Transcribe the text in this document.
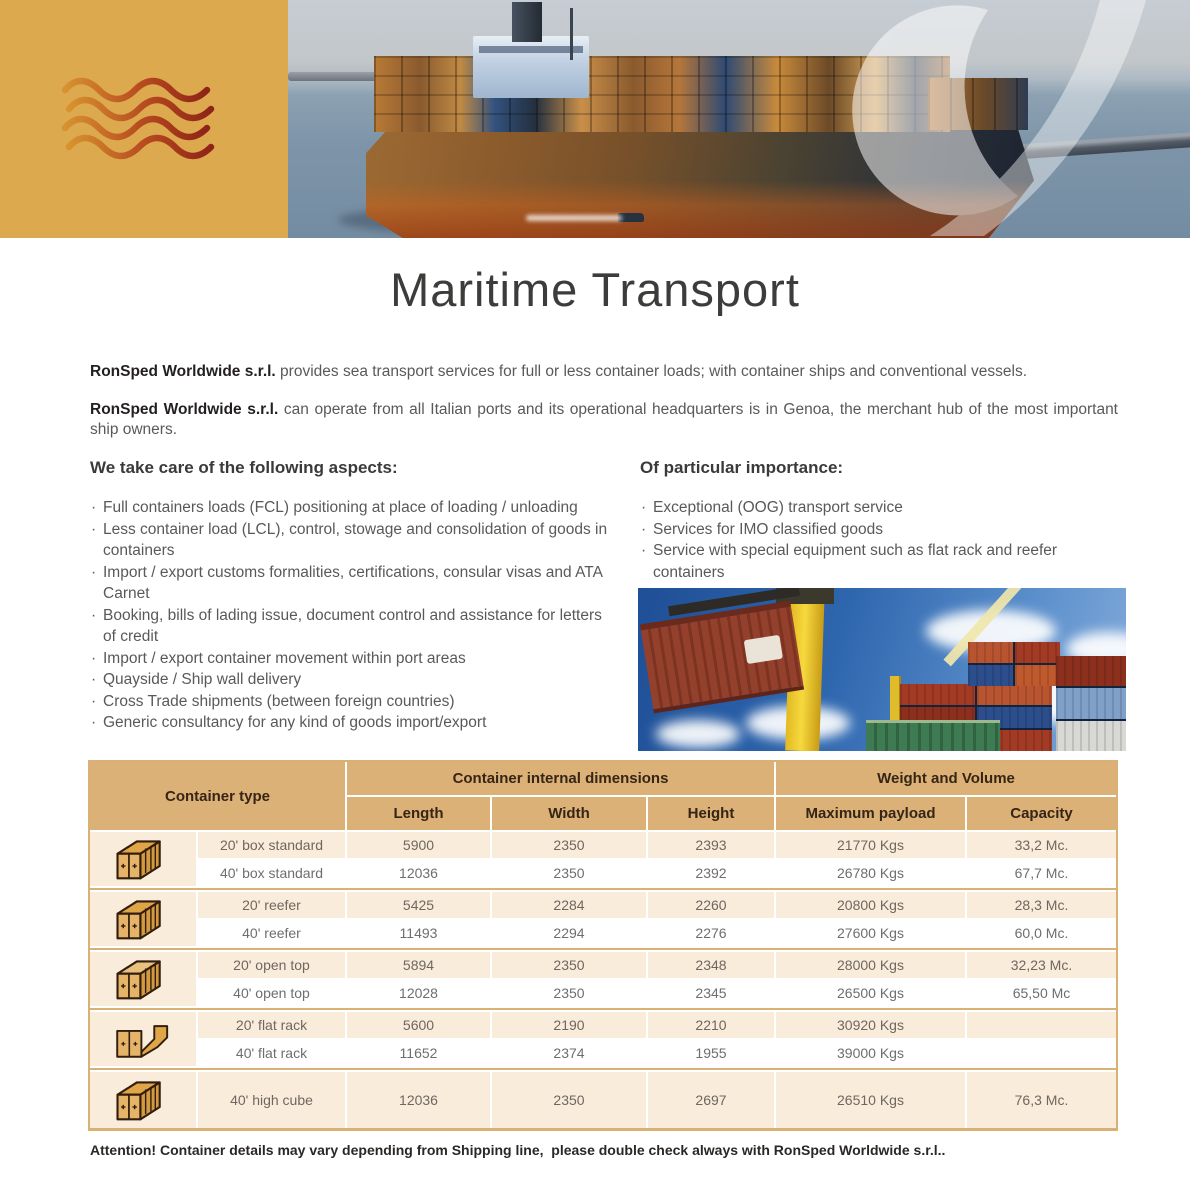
Maritime Transport

RonSped Worldwide s.r.l. provides sea transport services for full or less container loads; with container ships and conventional vessels.

RonSped Worldwide s.r.l. can operate from all Italian ports and its operational headquarters is in Genoa, the merchant hub of the most important ship owners.

We take care of the following aspects:
· Full containers loads (FCL) positioning at place of loading / unloading
· Less container load (LCL), control, stowage and consolidation of goods in containers
· Import / export customs formalities, certifications, consular visas and ATA Carnet
· Booking, bills of lading issue, document control and assistance for letters of credit
· Import / export container movement within port areas
· Quayside / Ship wall delivery
· Cross Trade shipments (between foreign countries)
· Generic consultancy for any kind of goods import/export
Of particular importance:
· Exceptional (OOG) transport service
· Services for IMO classified goods
· Service with special equipment such as flat rack and reefer containers
Container type
Container internal dimensions	Weight and Volume
Length	Width	Height	Maximum payload	Capacity
20' box standard	5900	2350	2393	21770 Kgs	33,2 Mc.
40' box standard	12036	2350	2392	26780 Kgs	67,7 Mc.
20' reefer	5425	2284	2260	20800 Kgs	28,3 Mc.
40' reefer	11493	2294	2276	27600 Kgs	60,0 Mc.
20' open top	5894	2350	2348	28000 Kgs	32,23 Mc.
40' open top	12028	2350	2345	26500 Kgs	65,50 Mc
20' flat rack	5600	2190	2210	30920 Kgs
40' flat rack	11652	2374	1955	39000 Kgs
40' high cube	12036	2350	2697	26510 Kgs	76,3 Mc.

Attention! Container details may vary depending from Shipping line,  please double check always with RonSped Worldwide s.r.l..
